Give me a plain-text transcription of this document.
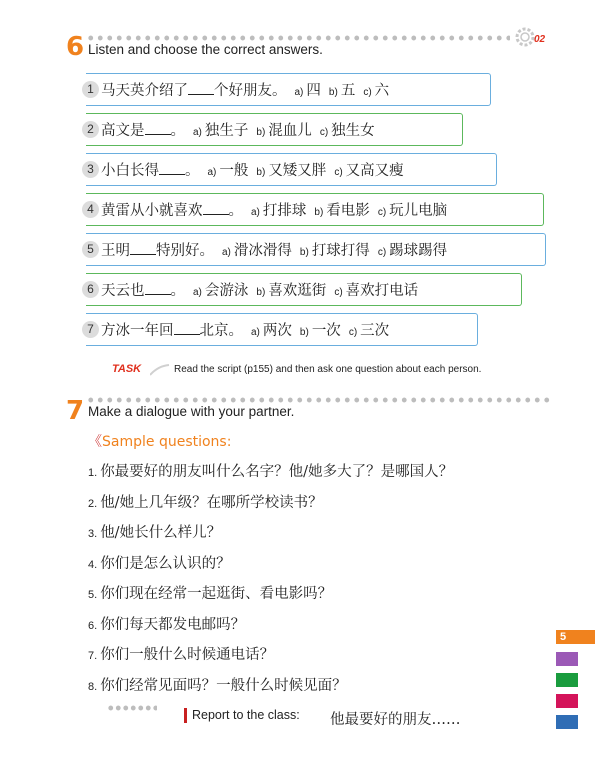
6 Listen and choose the correct answers.
02
1 马天英介绍了 个好朋友。 a) 四 b) 五 c) 六
2 高文是 。 a) 独生子 b) 混血儿 c) 独生女
3 小白长得 。 a) 一般 b) 又矮又胖 c) 又高又瘦
4 黄雷从小就喜欢 。 a) 打排球 b) 看电影 c) 玩儿电脑
5 王明 特别好。 a) 滑冰滑得 b) 打球打得 c) 踢球踢得
6 天云也 。 a) 会游泳 b) 喜欢逛街 c) 喜欢打电话
7 方冰一年回 北京。 a) 两次 b) 一次 c) 三次
TASK	Read the script (p155) and then ask one question about each person.
7 Make a dialogue with your partner.
《Sample questions:
1. 你最要好的朋友叫什么名字？他/她多大了？是哪国人？
2. 他/她上几年级？在哪所学校读书？
3. 他/她长什么样儿？
4. 你们是怎么认识的？
5. 你们现在经常一起逛街、看电影吗？
6. 你们每天都发电邮吗？
7. 你们一般什么时候通电话？
8. 你们经常见面吗？一般什么时候见面？
Report to the class: 他最要好的朋友……
5
